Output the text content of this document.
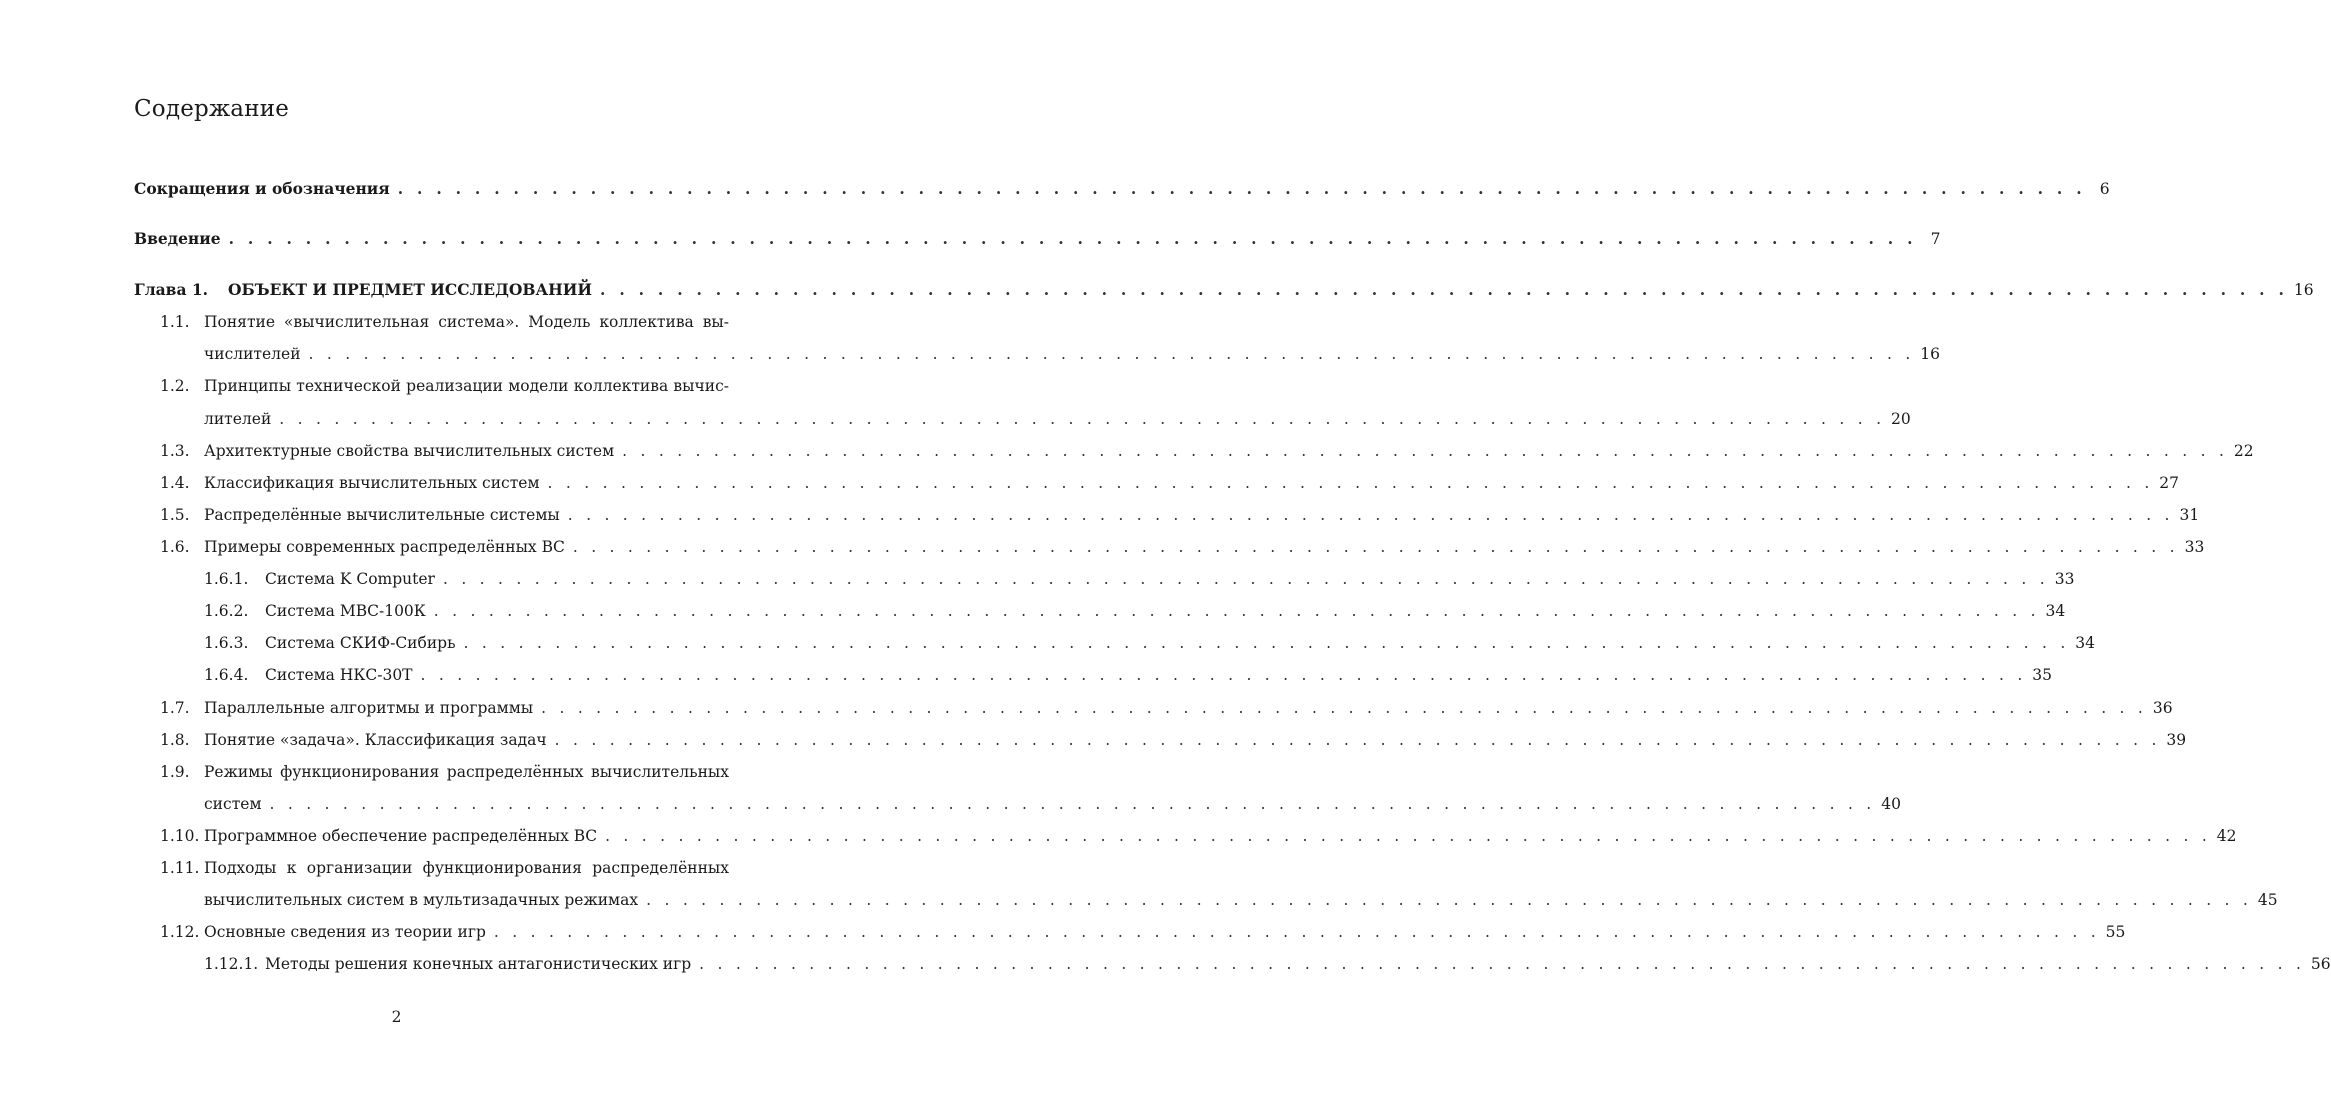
Содержание
Сокращения и обозначения . . .	6
Введение . . .	7
Глава 1.	ОБЪЕКТ И ПРЕДМЕТ ИССЛЕДОВАНИЙ . . .	16
1.1. Понятие «вычислительная система». Модель коллектива вы-
числителей . . .	16
1.2. Принципы технической реализации модели коллектива вычис-
лителей . . .	20
1.3. Архитектурные свойства вычислительных систем . . .	22
1.4. Классификация вычислительных систем . . .	27
1.5. Распределённые вычислительные системы . . .	31
1.6. Примеры современных распределённых ВС . . .	33
1.6.1.	Система K Computer . . .	33
1.6.2.	Система МВС-100К . . .	34
1.6.3.	Система СКИФ-Сибирь . . .	34
1.6.4.	Система НКС-30Т . . .	35
1.7. Параллельные алгоритмы и программы . . .	36
1.8. Понятие «задача». Классификация задач . . .	39
1.9. Режимы функционирования распределённых вычислительных
систем . . .	40
1.10. Программное обеспечение распределённых ВС . . .	42
1.11. Подходы к организации функционирования распределённых
вычислительных систем в мультизадачных режимах . . .	45
1.12. Основные сведения из теории игр . . .	55
1.12.1. Методы решения конечных антагонистических игр . . .	56
2
